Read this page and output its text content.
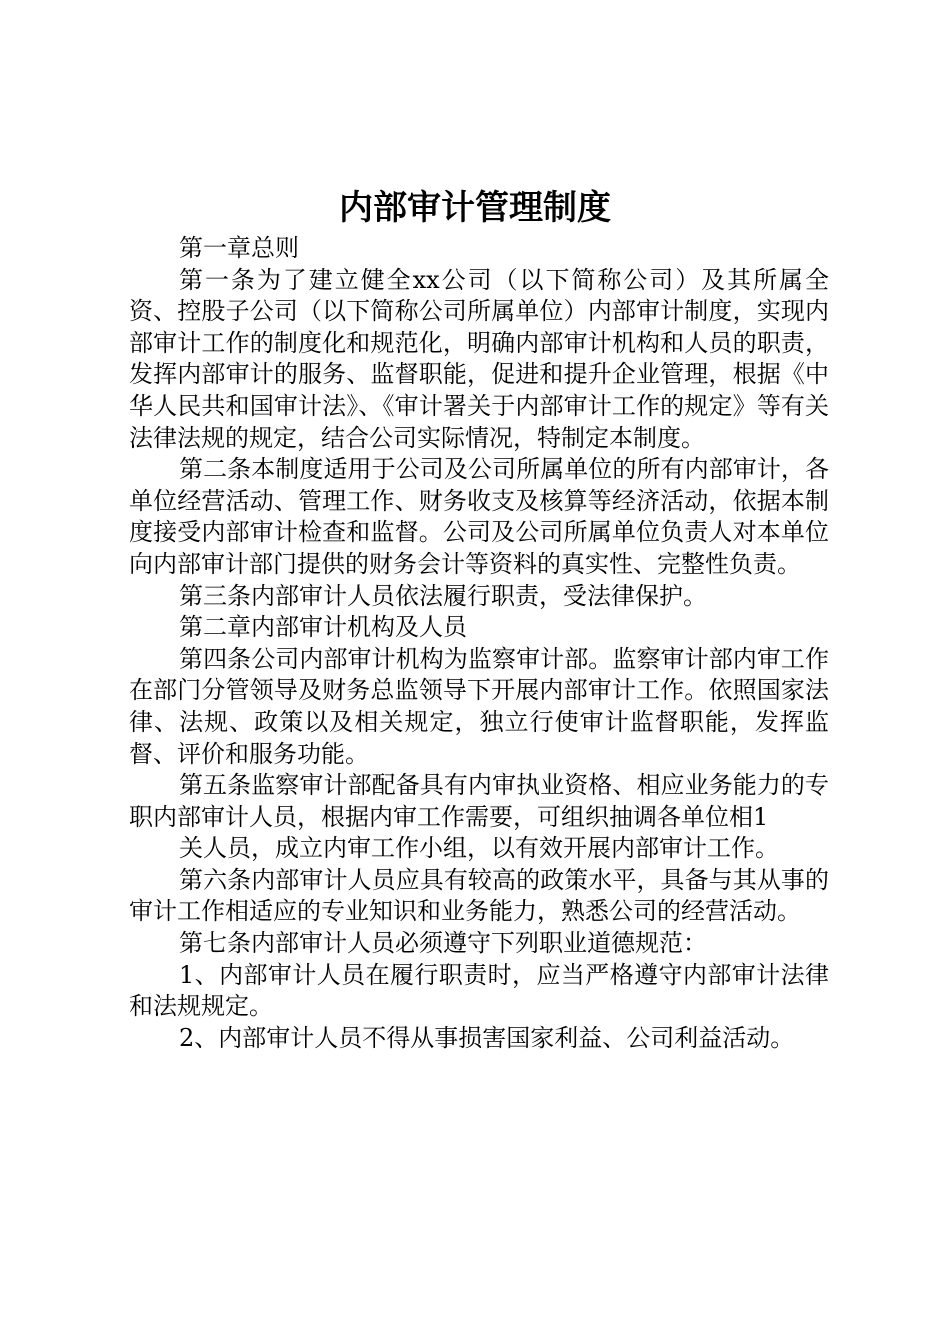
内部审计管理制度

第一章总则

第一条为了建立健全xx公司（以下简称公司）及其所属全资、控股子公司（以下简称公司所属单位）内部审计制度，实现内部审计工作的制度化和规范化，明确内部审计机构和人员的职责，发挥内部审计的服务、监督职能，促进和提升企业管理，根据《中华人民共和国审计法》、《审计署关于内部审计工作的规定》等有关法律法规的规定，结合公司实际情况，特制定本制度。

第二条本制度适用于公司及公司所属单位的所有内部审计，各单位经营活动、管理工作、财务收支及核算等经济活动，依据本制度接受内部审计检查和监督。公司及公司所属单位负责人对本单位向内部审计部门提供的财务会计等资料的真实性、完整性负责。

第三条内部审计人员依法履行职责，受法律保护。

第二章内部审计机构及人员

第四条公司内部审计机构为监察审计部。监察审计部内审工作在部门分管领导及财务总监领导下开展内部审计工作。依照国家法律、法规、政策以及相关规定，独立行使审计监督职能，发挥监督、评价和服务功能。

第五条监察审计部配备具有内审执业资格、相应业务能力的专职内部审计人员，根据内审工作需要，可组织抽调各单位相1

关人员，成立内审工作小组，以有效开展内部审计工作。

第六条内部审计人员应具有较高的政策水平，具备与其从事的审计工作相适应的专业知识和业务能力，熟悉公司的经营活动。

第七条内部审计人员必须遵守下列职业道德规范：

1、内部审计人员在履行职责时，应当严格遵守内部审计法律和法规规定。

2、内部审计人员不得从事损害国家利益、公司利益活动。
